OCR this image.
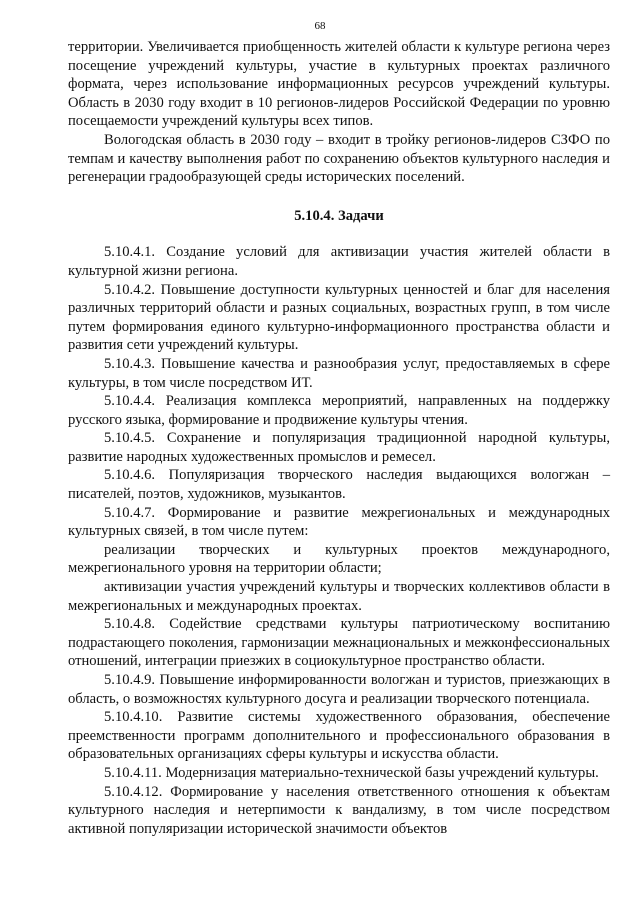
68

территории. Увеличивается приобщенность жителей области к культуре региона через посещение учреждений культуры, участие в культурных проектах различного формата, через использование информационных ресурсов учреждений культуры. Область в 2030 году входит в 10 регионов-лидеров Российской Федерации по уровню посещаемости учреждений культуры всех типов.

Вологодская область в 2030 году – входит в тройку регионов-лидеров СЗФО по темпам и качеству выполнения работ по сохранению объектов культурного наследия и регенерации градообразующей среды исторических поселений.

5.10.4. Задачи

5.10.4.1. Создание условий для активизации участия жителей области в культурной жизни региона.

5.10.4.2. Повышение доступности культурных ценностей и благ для населения различных территорий области и разных социальных, возрастных групп, в том числе путем формирования единого культурно-информационного пространства области и развития сети учреждений культуры.

5.10.4.3. Повышение качества и разнообразия услуг, предоставляемых в сфере культуры, в том числе посредством ИТ.

5.10.4.4. Реализация комплекса мероприятий, направленных на поддержку русского языка, формирование и продвижение культуры чтения.

5.10.4.5. Сохранение и популяризация традиционной народной культуры, развитие народных художественных промыслов и ремесел.

5.10.4.6. Популяризация творческого наследия выдающихся вологжан – писателей, поэтов, художников, музыкантов.

5.10.4.7. Формирование и развитие межрегиональных и международных культурных связей, в том числе путем:

реализации творческих и культурных проектов международного, межрегионального уровня на территории области;

активизации участия учреждений культуры и творческих коллективов области в межрегиональных и международных проектах.

5.10.4.8. Содействие средствами культуры патриотическому воспитанию подрастающего поколения, гармонизации межнациональных и межконфессиональных отношений, интеграции приезжих в социокультурное пространство области.

5.10.4.9. Повышение информированности вологжан и туристов, приезжающих в область, о возможностях культурного досуга и реализации творческого потенциала.

5.10.4.10. Развитие системы художественного образования, обеспечение преемственности программ дополнительного и профессионального образования в образовательных организациях сферы культуры и искусства области.

5.10.4.11. Модернизация материально-технической базы учреждений культуры.

5.10.4.12. Формирование у населения ответственного отношения к объектам культурного наследия и нетерпимости к вандализму, в том числе посредством активной популяризации исторической значимости объектов
